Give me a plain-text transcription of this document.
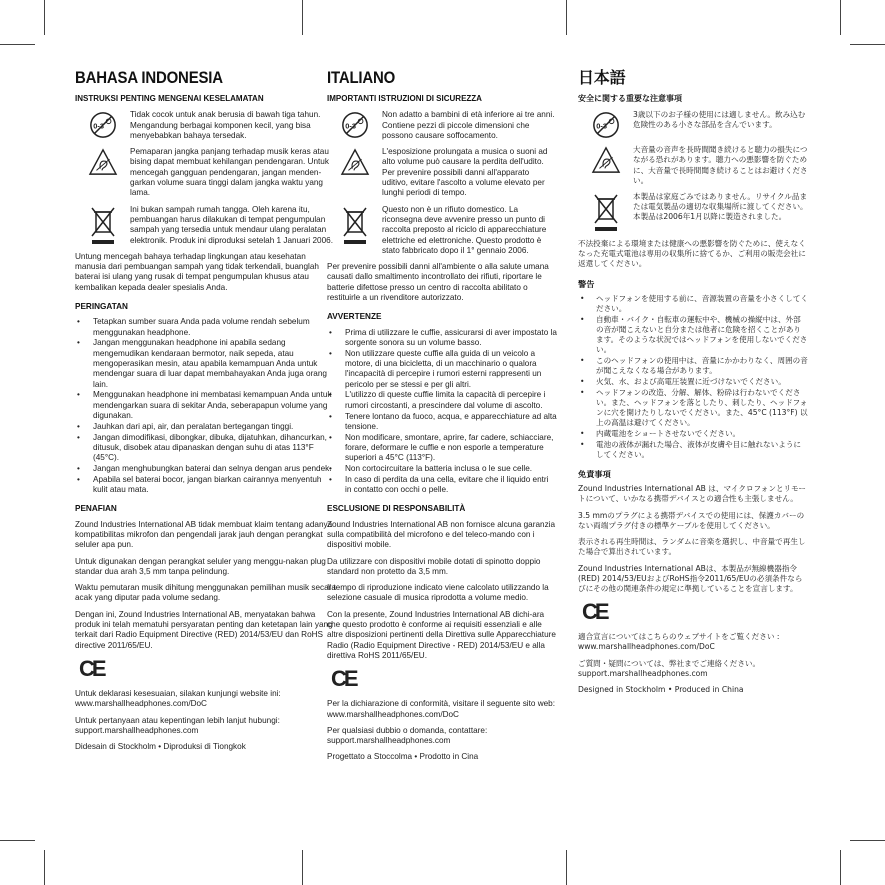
BAHASA INDONESIA
INSTRUKSI PENTING MENGENAI KESELAMATAN
0-3
Tidak cocok untuk anak berusia di bawah tiga tahun. Mengandung berbagai komponen kecil, yang bisa menyebabkan bahaya tersedak.
Pemaparan jangka panjang terhadap musik keras atau bising dapat membuat kehilangan pendengaran. Untuk mencegah gangguan pendengaran, jangan menden-garkan volume suara tinggi dalam jangka waktu yang lama.
Ini bukan sampah rumah tangga. Oleh karena itu, pembuangan harus dilakukan di tempat pengumpulan sampah yang tersedia untuk mendaur ulang peralatan elektronik. Produk ini diproduksi setelah 1 Januari 2006.

Untung mencegah bahaya terhadap lingkungan atau kesehatan manusia dari pembuangan sampah yang tidak terkendali, buanglah baterai isi ulang yang rusak di tempat pengumpulan khusus atau kembalikan kepada dealer spesialis Anda.

PERINGATAN
• Tetapkan sumber suara Anda pada volume rendah sebelum menggunakan headphone.
• Jangan menggunakan headphone ini apabila sedang mengemudikan kendaraan bermotor, naik sepeda, atau mengoperasikan mesin, atau apabila kemampuan Anda untuk mendengar suara di luar dapat membahayakan Anda juga orang lain.
• Menggunakan headphone ini membatasi kemampuan Anda untuk mendengarkan suara di sekitar Anda, seberapapun volume yang digunakan.
• Jauhkan dari api, air, dan peralatan bertegangan tinggi.
• Jangan dimodifikasi, dibongkar, dibuka, dijatuhkan, dihancurkan, ditusuk, disobek atau dipanaskan dengan suhu di atas 113°F (45°C).
• Jangan menghubungkan baterai dan selnya dengan arus pendek.
• Apabila sel baterai bocor, jangan biarkan cairannya menyentuh kulit atau mata.
PENAFIAN

Zound Industries International AB tidak membuat klaim tentang adanya kompatibilitas mikrofon dan pengendali jarak jauh dengan perangkat seluler apa pun.

Untuk digunakan dengan perangkat seluler yang menggu-nakan plug standar dua arah 3,5 mm tanpa pelindung.

Waktu pemutaran musik dihitung menggunakan pemilihan musik secara acak yang diputar pada volume sedang.

Dengan ini, Zound Industries International AB, menyatakan bahwa produk ini telah mematuhi persyaratan penting dan ketetapan lain yang terkait dari Radio Equipment Directive (RED) 2014/53/EU dan RoHS directive 2011/65/EU.

CE

Untuk deklarasi kesesuaian, silakan kunjungi website ini: www.marshallheadphones.com/DoC

Untuk pertanyaan atau kepentingan lebih lanjut hubungi: support.marshallheadphones.com

Didesain di Stockholm • Diproduksi di Tiongkok

ITALIANO
IMPORTANTI ISTRUZIONI DI SICUREZZA
0-3
Non adatto a bambini di età inferiore ai tre anni. Contiene pezzi di piccole dimensioni che possono causare soffocamento.
L'esposizione prolungata a musica o suoni ad alto volume può causare la perdita dell'udito. Per prevenire possibili danni all'apparato uditivo, evitare l'ascolto a volume elevato per lunghi periodi di tempo.
Questo non è un rifiuto domestico. La riconsegna deve avvenire presso un punto di raccolta preposto al riciclo di apparecchiature elettriche ed elettroniche. Questo prodotto è stato fabbricato dopo il 1° gennaio 2006.

Per prevenire possibili danni all'ambiente o alla salute umana causati dallo smaltimento incontrollato dei rifiuti, riportare le batterie difettose presso un centro di raccolta abilitato o restituirle a un rivenditore autorizzato.

AVVERTENZE
• Prima di utilizzare le cuffie, assicurarsi di aver impostato la sorgente sonora su un volume basso.
• Non utilizzare queste cuffie alla guida di un veicolo a motore, di una bicicletta, di un macchinario o qualora l'incapacità di percepire i rumori esterni rappresenti un pericolo per se stessi e per gli altri.
• L'utilizzo di queste cuffie limita la capacità di percepire i rumori circostanti, a prescindere dal volume di ascolto.
• Tenere lontano da fuoco, acqua, e apparecchiature ad alta tensione.
• Non modificare, smontare, aprire, far cadere, schiacciare, forare, deformare le cuffie e non esporle a temperature superiori a 45°C (113°F).
• Non cortocircuitare la batteria inclusa o le sue celle.
• In caso di perdita da una cella, evitare che il liquido entri in contatto con occhi o pelle.
ESCLUSIONE DI RESPONSABILITÀ

Zound Industries International AB non fornisce alcuna garanzia sulla compatibilità del microfono e del teleco-mando con i dispositivi mobile.

Da utilizzare con dispositivi mobile dotati di spinotto doppio standard non protetto da 3,5 mm.

Il tempo di riproduzione indicato viene calcolato utilizzando la selezione casuale di musica riprodotta a volume medio.

Con la presente, Zound Industries International AB dichi-ara che questo prodotto è conforme ai requisiti essenziali e alle altre disposizioni pertinenti della Direttiva sulle Apparecchiature Radio (Radio Equipment Directive - RED) 2014/53/EU e alla direttiva RoHS 2011/65/EU.

CE

Per la dichiarazione di conformità, visitare il seguente sito web: www.marshallheadphones.com/DoC

Per qualsiasi dubbio o domanda, contattare: support.marshallheadphones.com

Progettato a Stoccolma • Prodotto in Cina

日本語
安全に関する重要な注意事項
0-3
3歳以下のお子様の使用には適しません。飲み込む危険性のある小さな部品を含んでいます。
大音量の音声を長時間聞き続けると聴力の損失につながる恐れがあります。聴力への悪影響を防ぐために、大音量で長時間聞き続けることはお避けください。
本製品は家庭ごみではありません。リサイクル品または電気製品の適切な収集場所に渡してください。本製品は2006年1月以降に製造されました。

不法投棄による環境または健康への悪影響を防ぐために、使えなくなった充電式電池は専用の収集所に捨てるか、ご利用の販売会社に返還してください。

警告
• ヘッドフォンを使用する前に、音源装置の音量を小さくしてください。
• 自動車・バイク・自転車の運転中や、機械の操縦中は、外部の音が聞こえないと自分または他者に危険を招くことがあります。そのような状況ではヘッドフォンを使用しないでください。
• このヘッドフォンの使用中は、音量にかかわりなく、周囲の音が聞こえなくなる場合があります。
• 火気、水、および高電圧装置に近づけないでください。
• ヘッドフォンの改造、分解、解体、粉砕は行わないでください。また、ヘッドフォンを落としたり、刺したり、ヘッドフォンに穴を開けたりしないでください。また、45°C (113°F) 以上の高温は避けてください。
• 内蔵電池をショートさせないでください。
• 電池の液体が漏れた場合、液体が皮膚や目に触れないようにしてください。
免責事項

Zound Industries International AB は、マイクロフォンとリモートについて、いかなる携帯デバイスとの適合性も主張しません。

3.5 mmのプラグによる携帯デバイスでの使用には、保護カバーのない両端プラグ付きの標準ケーブルを使用してください。

表示される再生時間は、ランダムに音楽を選択し、中音量で再生した場合で算出されています。

Zound Industries International ABは、本製品が無線機器指令 (RED) 2014/53/EUおよびRoHS指令2011/65/EUの必須条件ならびにその他の関連条件の規定に準拠していることを宣言します。

CE

適合宣言についてはこちらのウェブサイトをご覧ください : www.marshallheadphones.com/DoC

ご質問・疑問については、弊社までご連絡ください。support.marshallheadphones.com

Designed in Stockholm • Produced in China
